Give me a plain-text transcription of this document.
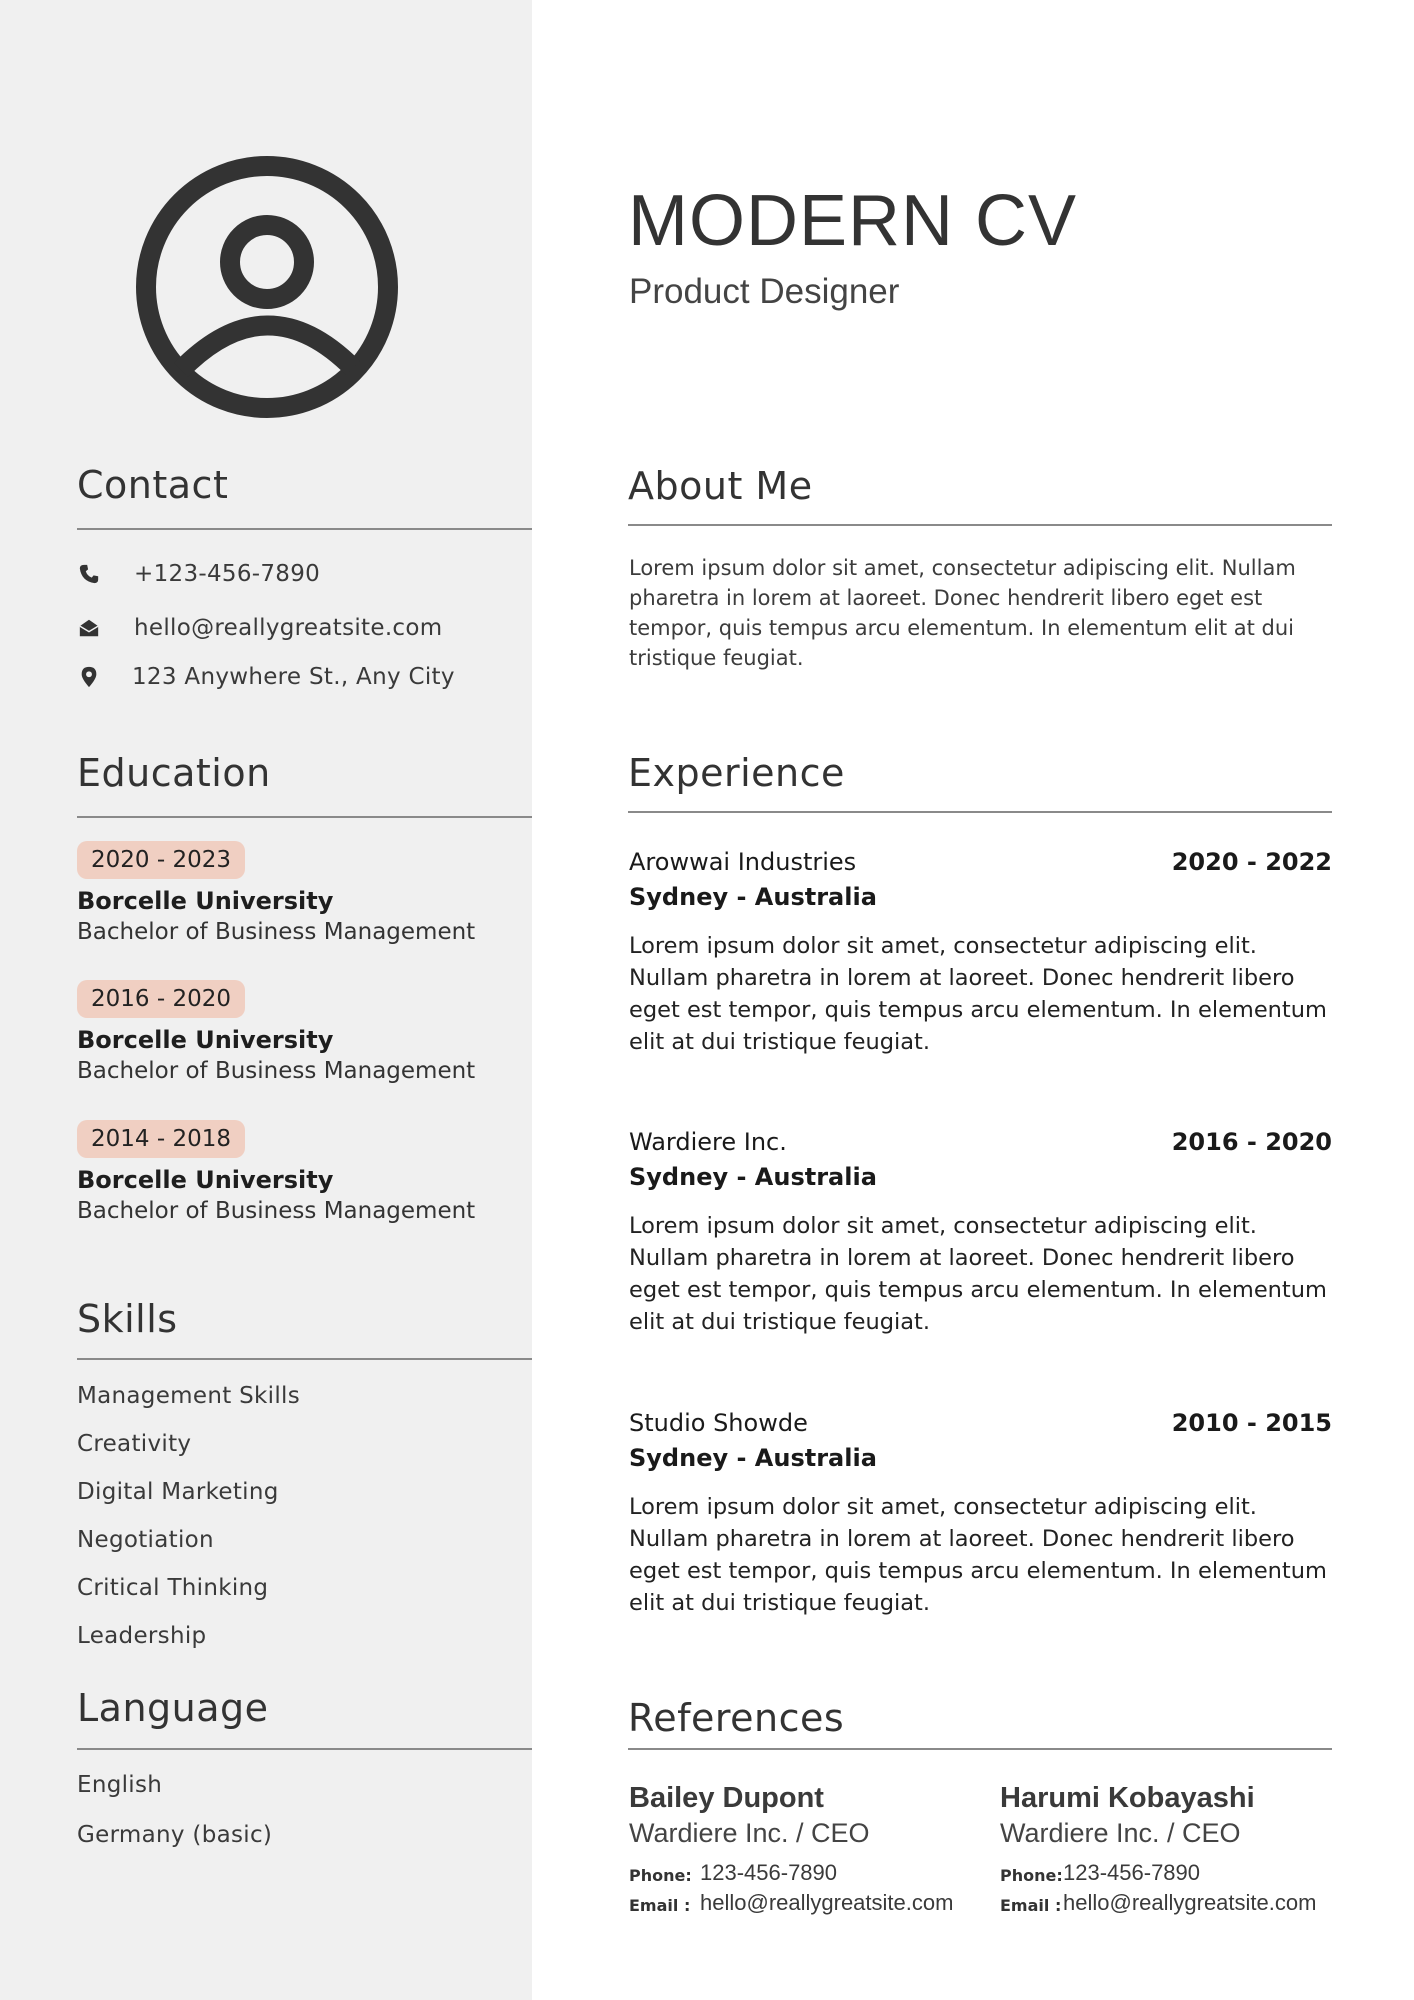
Contact
+123-456-7890
hello@reallygreatsite.com
123 Anywhere St., Any City
Education
2020 - 2023
Borcelle University
Bachelor of Business Management
2016 - 2020
Borcelle University
Bachelor of Business Management
2014 - 2018
Borcelle University
Bachelor of Business Management
Skills
Management Skills
Creativity
Digital Marketing
Negotiation
Critical Thinking
Leadership
Language
English
Germany (basic)
MODERN CV
Product Designer
About Me
Lorem ipsum dolor sit amet, consectetur adipiscing elit. Nullam pharetra in lorem at laoreet. Donec hendrerit libero eget est tempor, quis tempus arcu elementum. In elementum elit at dui tristique feugiat.
Experience
Arowwai Industries	2020 - 2022
Sydney - Australia
Lorem ipsum dolor sit amet, consectetur adipiscing elit. Nullam pharetra in lorem at laoreet. Donec hendrerit libero eget est tempor, quis tempus arcu elementum. In elementum elit at dui tristique feugiat.
Wardiere Inc.	2016 - 2020
Sydney - Australia
Lorem ipsum dolor sit amet, consectetur adipiscing elit. Nullam pharetra in lorem at laoreet. Donec hendrerit libero eget est tempor, quis tempus arcu elementum. In elementum elit at dui tristique feugiat.
Studio Showde	2010 - 2015
Sydney - Australia
Lorem ipsum dolor sit amet, consectetur adipiscing elit. Nullam pharetra in lorem at laoreet. Donec hendrerit libero eget est tempor, quis tempus arcu elementum. In elementum elit at dui tristique feugiat.
References
Bailey Dupont
Wardiere Inc. / CEO
Phone: 123-456-7890
Email : hello@reallygreatsite.com
Harumi Kobayashi
Wardiere Inc. / CEO
Phone: 123-456-7890
Email : hello@reallygreatsite.com
